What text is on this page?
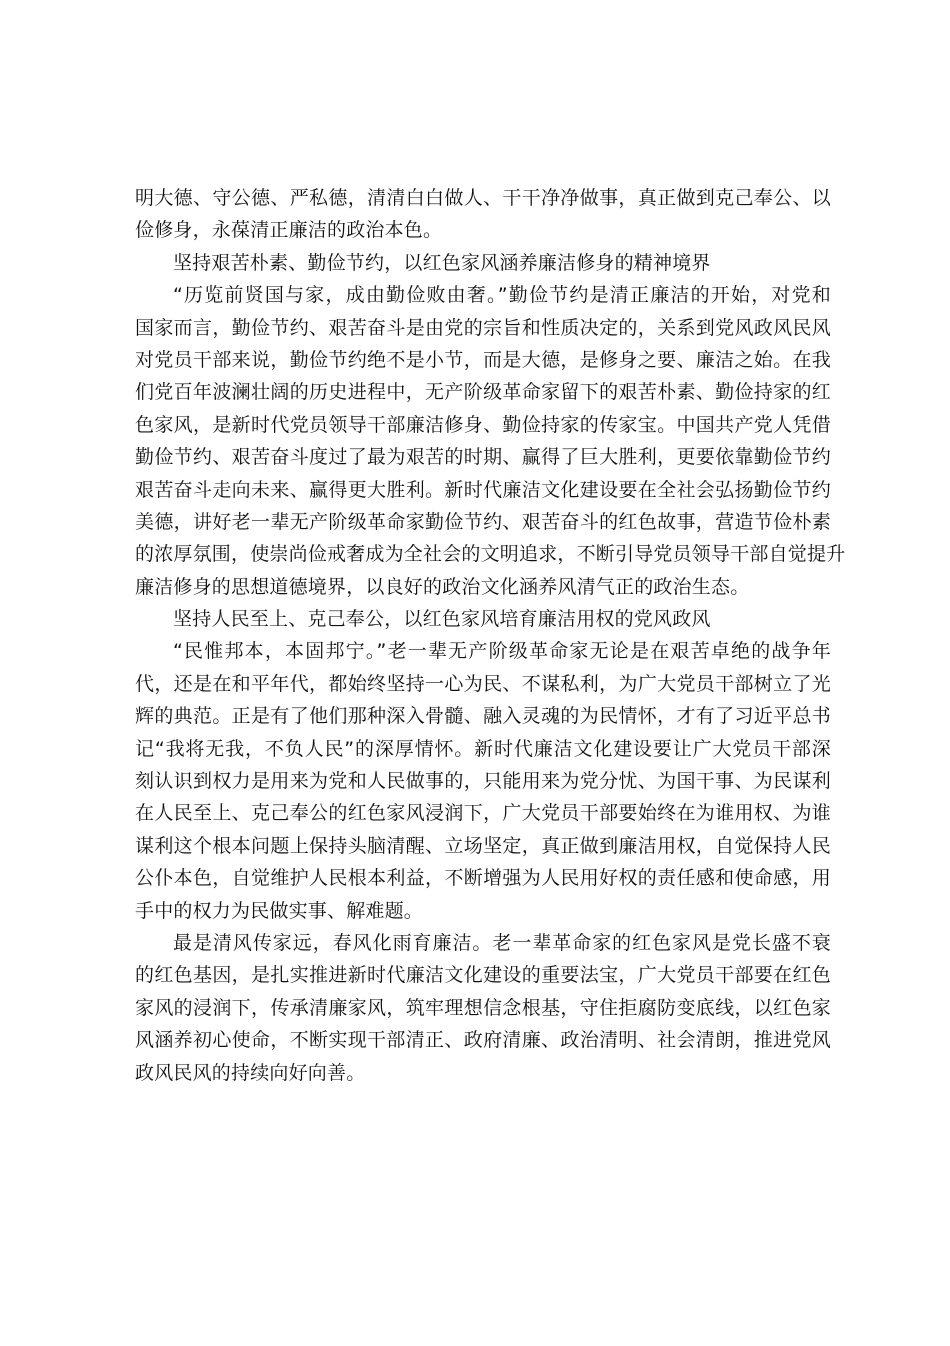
明大德、守公德、严私德，清清白白做人、干干净净做事，真正做到克己奉公、以
俭修身，永葆清正廉洁的政治本色。
坚持艰苦朴素、勤俭节约，以红色家风涵养廉洁修身的精神境界
“历览前贤国与家，成由勤俭败由奢。”勤俭节约是清正廉洁的开始，对党和
国家而言，勤俭节约、艰苦奋斗是由党的宗旨和性质决定的，关系到党风政风民风
对党员干部来说，勤俭节约绝不是小节，而是大德，是修身之要、廉洁之始。在我
们党百年波澜壮阔的历史进程中，无产阶级革命家留下的艰苦朴素、勤俭持家的红
色家风，是新时代党员领导干部廉洁修身、勤俭持家的传家宝。中国共产党人凭借
勤俭节约、艰苦奋斗度过了最为艰苦的时期、赢得了巨大胜利，更要依靠勤俭节约
艰苦奋斗走向未来、赢得更大胜利。新时代廉洁文化建设要在全社会弘扬勤俭节约
美德，讲好老一辈无产阶级革命家勤俭节约、艰苦奋斗的红色故事，营造节俭朴素
的浓厚氛围，使崇尚俭戒奢成为全社会的文明追求，不断引导党员领导干部自觉提升
廉洁修身的思想道德境界，以良好的政治文化涵养风清气正的政治生态。
坚持人民至上、克己奉公，以红色家风培育廉洁用权的党风政风
“民惟邦本，本固邦宁。”老一辈无产阶级革命家无论是在艰苦卓绝的战争年
代，还是在和平年代，都始终坚持一心为民、不谋私利，为广大党员干部树立了光
辉的典范。正是有了他们那种深入骨髓、融入灵魂的为民情怀，才有了习近平总书
记“我将无我，不负人民”的深厚情怀。新时代廉洁文化建设要让广大党员干部深
刻认识到权力是用来为党和人民做事的，只能用来为党分忧、为国干事、为民谋利
在人民至上、克己奉公的红色家风浸润下，广大党员干部要始终在为谁用权、为谁
谋利这个根本问题上保持头脑清醒、立场坚定，真正做到廉洁用权，自觉保持人民
公仆本色，自觉维护人民根本利益，不断增强为人民用好权的责任感和使命感，用
手中的权力为民做实事、解难题。
最是清风传家远，春风化雨育廉洁。老一辈革命家的红色家风是党长盛不衰
的红色基因，是扎实推进新时代廉洁文化建设的重要法宝，广大党员干部要在红色
家风的浸润下，传承清廉家风，筑牢理想信念根基，守住拒腐防变底线，以红色家
风涵养初心使命，不断实现干部清正、政府清廉、政治清明、社会清朗，推进党风
政风民风的持续向好向善。
